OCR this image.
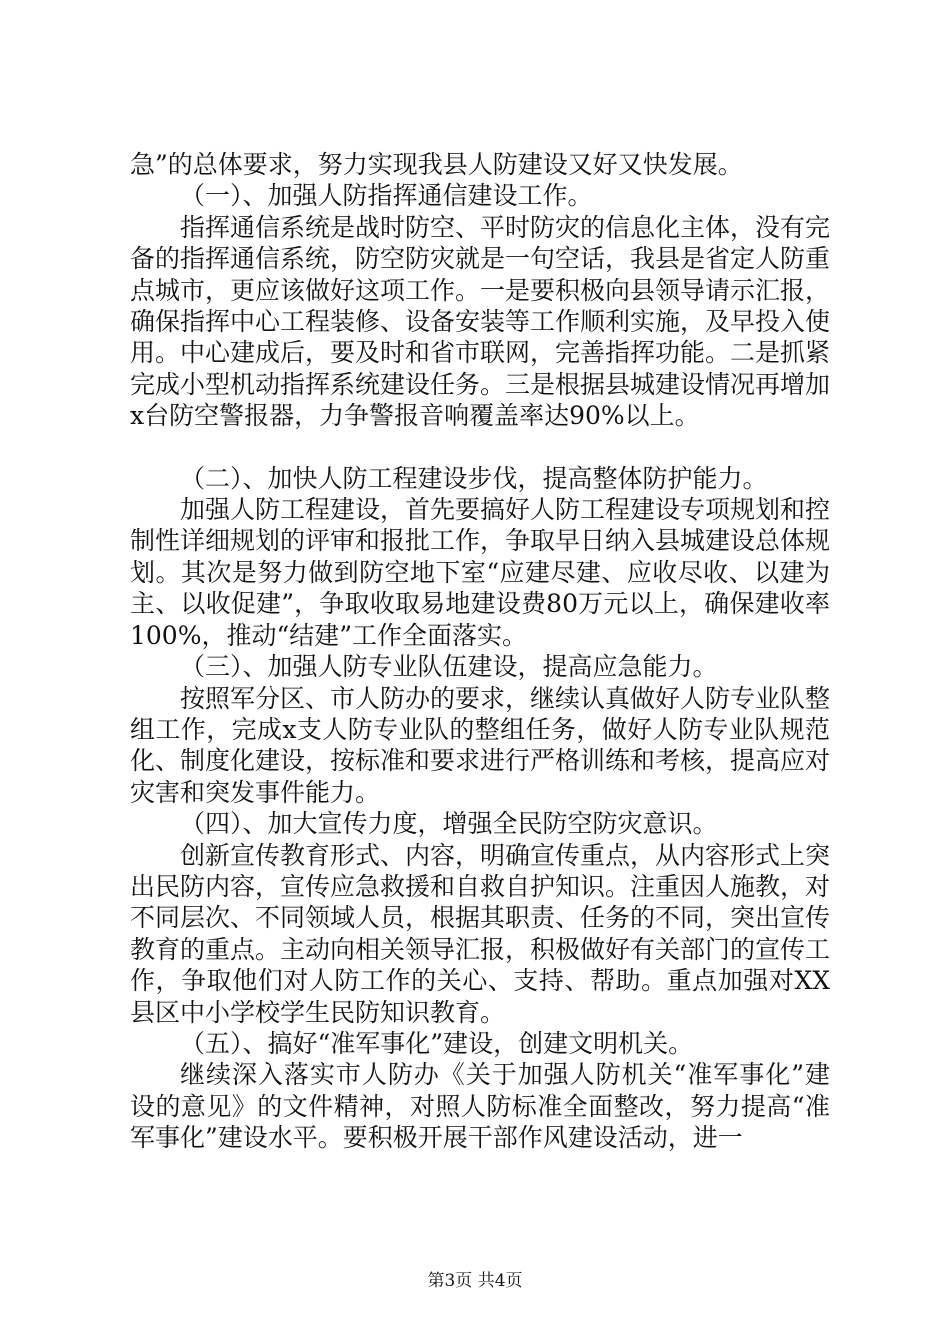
急”的总体要求，努力实现我县人防建设又好又快发展。

（一）、加强人防指挥通信建设工作。

指挥通信系统是战时防空、平时防灾的信息化主体，没有完备的指挥通信系统，防空防灾就是一句空话，我县是省定人防重点城市，更应该做好这项工作。一是要积极向县领导请示汇报，确保指挥中心工程装修、设备安装等工作顺利实施，及早投入使用。中心建成后，要及时和省市联网，完善指挥功能。二是抓紧完成小型机动指挥系统建设任务。三是根据县城建设情况再增加x台防空警报器，力争警报音响覆盖率达90%以上。

（二）、加快人防工程建设步伐，提高整体防护能力。

加强人防工程建设，首先要搞好人防工程建设专项规划和控制性详细规划的评审和报批工作，争取早日纳入县城建设总体规划。其次是努力做到防空地下室“应建尽建、应收尽收、以建为主、以收促建”，争取收取易地建设费80万元以上，确保建收率100%，推动“结建”工作全面落实。

（三）、加强人防专业队伍建设，提高应急能力。

按照军分区、市人防办的要求，继续认真做好人防专业队整组工作，完成x支人防专业队的整组任务，做好人防专业队规范化、制度化建设，按标准和要求进行严格训练和考核，提高应对灾害和突发事件能力。

（四）、加大宣传力度，增强全民防空防灾意识。

创新宣传教育形式、内容，明确宣传重点，从内容形式上突出民防内容，宣传应急救援和自救自护知识。注重因人施教，对不同层次、不同领域人员，根据其职责、任务的不同，突出宣传教育的重点。主动向相关领导汇报，积极做好有关部门的宣传工作，争取他们对人防工作的关心、支持、帮助。重点加强对XX县区中小学校学生民防知识教育。

（五）、搞好“准军事化”建设，创建文明机关。

继续深入落实市人防办《关于加强人防机关“准军事化”建设的意见》的文件精神，对照人防标准全面整改，努力提高“准军事化”建设水平。要积极开展干部作风建设活动，进一

第3页 共4页
